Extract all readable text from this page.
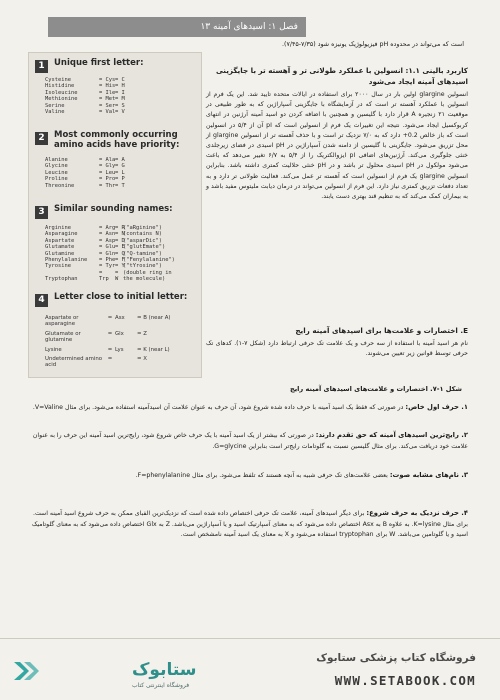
فصل ۱: اسیدهای آمینه ۱۳
است که می‌تواند در محدوده pH فیزیولوژیک یونیزه شود (۷/۳۵-۷/۴۵).
1	Unique first letter:
Cysteine	= Cys= C
Histidine	= His= H
Isoleucine	= Ile= I
Methionine	= Met= M
Serine	= Ser= S
Valine	= Val= V
2	Most commonly occurring amino acids have priority:
Alanine	= Ala= A
Glycine	= Gly= G
Leucine	= Leu= L
Proline	= Pro= P
Threonine	= Thr= T
3	Similar sounding names:
Arginine	= Arg= R("aRginine")
Asparagine	= Asn= N(contains N)
Aspartate	= Asp= D("asparDic")
Glutamate	= Glu= E("glutEmate")
Glutamine	= Gln= Q("Q-tamine")
Phenylalanine = Phe= F("Fenylalanine")
Tyrosine	= Tyr= Y("tYrosine")
Tryptophan= Trp= W(double ring in the molecule)
4	Letter close to initial letter:
Aspartate or asparagine
= Asx	= B (near A)
Glutamate or glutamine
= Glx	= Z
Lysine	= Lys	= K (near L)
Undetermined amino acid
=	= X
کاربرد بالینی ۱.۱: انسولین با عملکرد طولانی تر و آهسته تر با جایگزینی اسیدهای آمینه ایجاد می‌شود
انسولین glargine اولین بار در سال ۲۰۰۰ برای استفاده در ایالات متحده تایید شد. این یک فرم از انسولین با عملکرد آهسته تر است که در آزمایشگاه با جایگزینی آسپاراژین که به طور طبیعی در موقعیت ۲۱ زنجیره A قرار دارد با گلیسین و همچنین با اضافه کردن دو اسید آمینه آرژنین در انتهای کربوکسیل ایجاد می‌شود. نتیجه این تغییرات یک فرم از انسولین است که pI آن از ۵/۴ در انسولین است که باز خالص 0.2+ دارد که به ۷/۰ نزدیک تر است و با حذف آهسته تر از انسولین glargine از محل تزریق می‌شود. جایگزینی با گلیسین از دامنه شدن آسپاراژین در pH اسیدی در فضای زیرجلدی خنثی جلوگیری می‌کند. آرژنین‌های اضافی pI ایزوالکتریک را از ۵/۴ به ۶/۷ تغییر می‌دهد که باعث می‌شود مولکول در pH اسیدی محلول تر باشد و در pH خنثی حلالیت کمتری داشته باشد. بنابراین انسولین glargine یک فرم از انسولین است که آهسته تر عمل می‌کند. فعالیت طولانی تر دارد و به تعداد دفعات تزریق کمتری نیاز دارد. این فرم از انسولین می‌تواند در درمان دیابت ملیتوس مفید باشد و به بیماران کمک می‌کند که به تنظیم قند بهتری دست یابند.
E. اختصارات و علامت‌ها برای اسیدهای آمینه رایج
نام هر اسید آمینه با استفاده از سه حرف و یک علامت تک حرفی ارتباط دارد (شکل ۷-۱). کدهای تک حرفی توسط قوانین زیر تعیین می‌شوند.
شکل ۱-۷. اختصارات و علامت‌های اسیدهای آمینه رایج
۱. حرف اول خاص: در صورتی که فقط یک اسید آمینه با حرف داده شده شروع شود، آن حرف به عنوان علامت آن اسیدآمینه استفاده می‌شود. برای مثال V=Valine.
۲. رایج‌ترین اسیدهای آمینه که حق تقدم دارند: در صورتی که بیشتر از یک اسید آمینه با یک حرف خاص شروع شود، رایج‌ترین اسید آمینه این حرف را به عنوان علامت خود دریافت می‌کند. برای مثال گلیسین نسبت به گلوتامات رایج‌تر است بنابراین G=glycine.
۳. نام‌های مشابه صوت: بعضی علامت‌های تک حرفی شبیه به آنچه هستند که تلفظ می‌شود. برای مثال F=phenylalanine.
۴. حرف نزدیک به حرف شروع: برای دیگر اسیدهای آمینه، علامت تک حرفی اختصاص داده شده است که نزدیک‌ترین الفبای ممکن به حرف شروع اسید آمینه است. برای مثال K=lysine. به علاوه B به Asx اختصاص داده می‌شود که به معنای آسپارتیک اسید و یا آسپاراژین می‌باشد. Z به Glx اختصاص داده می‌شود که به معنای گلوتامیک اسید و یا گلوتامین می‌باشد. W برای tryptophan استفاده می‌شود و X به معنای یک اسید آمینه نامشخص است.
ستابوک
فروشگاه اینترنتی کتاب
فروشگاه کتاب پزشکی ستابوک
WWW.SETABOOK.COM
